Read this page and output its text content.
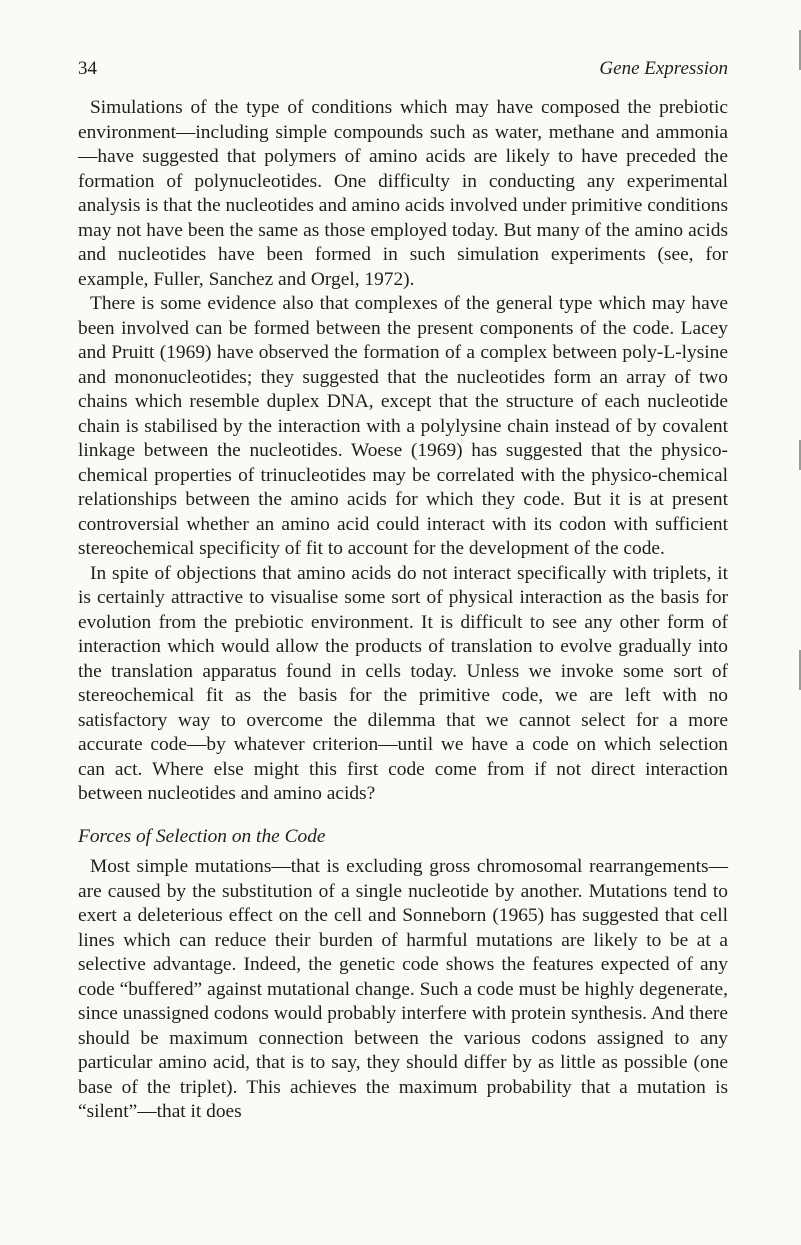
34	Gene Expression

Simulations of the type of conditions which may have composed the prebiotic environment—including simple compounds such as water, methane and ammonia—have suggested that polymers of amino acids are likely to have preceded the formation of polynucleotides. One difficulty in conducting any experimental analysis is that the nucleotides and amino acids involved under primitive conditions may not have been the same as those employed today. But many of the amino acids and nucleotides have been formed in such simulation experiments (see, for example, Fuller, Sanchez and Orgel, 1972).

There is some evidence also that complexes of the general type which may have been involved can be formed between the present components of the code. Lacey and Pruitt (1969) have observed the formation of a complex between poly-L-lysine and mononucleotides; they suggested that the nucleotides form an array of two chains which resemble duplex DNA, except that the structure of each nucleotide chain is stabilised by the interaction with a polylysine chain instead of by covalent linkage between the nucleotides. Woese (1969) has suggested that the physico-chemical properties of trinucleotides may be correlated with the physico-chemical relationships between the amino acids for which they code. But it is at present controversial whether an amino acid could interact with its codon with sufficient stereochemical specificity of fit to account for the development of the code.

In spite of objections that amino acids do not interact specifically with triplets, it is certainly attractive to visualise some sort of physical interaction as the basis for evolution from the prebiotic environment. It is difficult to see any other form of interaction which would allow the products of translation to evolve gradually into the translation apparatus found in cells today. Unless we invoke some sort of stereochemical fit as the basis for the primitive code, we are left with no satisfactory way to overcome the dilemma that we cannot select for a more accurate code—by whatever criterion—until we have a code on which selection can act. Where else might this first code come from if not direct interaction between nucleotides and amino acids?

Forces of Selection on the Code

Most simple mutations—that is excluding gross chromosomal rearrangements—are caused by the substitution of a single nucleotide by another. Mutations tend to exert a deleterious effect on the cell and Sonneborn (1965) has suggested that cell lines which can reduce their burden of harmful mutations are likely to be at a selective advantage. Indeed, the genetic code shows the features expected of any code “buffered” against mutational change. Such a code must be highly degenerate, since unassigned codons would probably interfere with protein synthesis. And there should be maximum connection between the various codons assigned to any particular amino acid, that is to say, they should differ by as little as possible (one base of the triplet). This achieves the maximum probability that a mutation is “silent”—that it does
